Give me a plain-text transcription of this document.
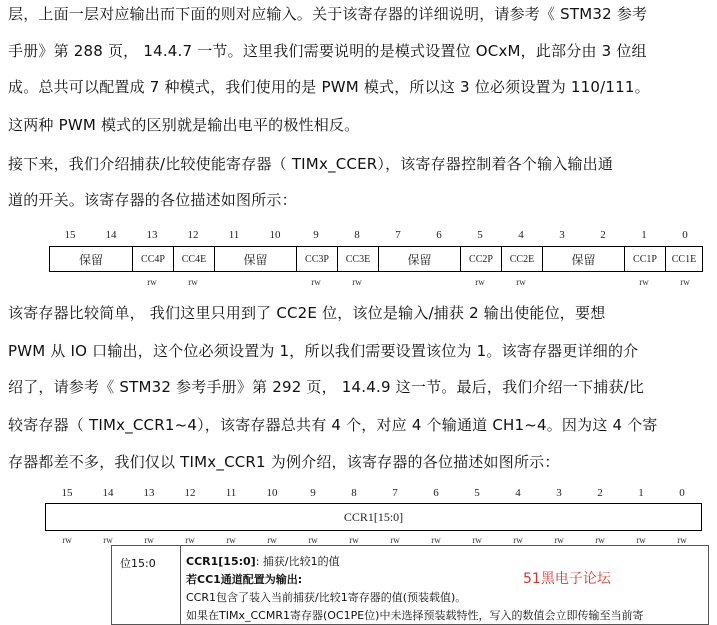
层，上面一层对应输出而下面的则对应输入。关于该寄存器的详细说明，请参考《 STM32 参考
手册》第 288 页， 14.4.7 一节。这里我们需要说明的是模式设置位 OCxM，此部分由 3 位组
成。总共可以配置成 7 种模式，我们使用的是 PWM 模式，所以这 3 位必须设置为 110/111。
这两种 PWM 模式的区别就是输出电平的极性相反。
接下来，我们介绍捕获/比较使能寄存器（ TIMx_CCER），该寄存器控制着各个输入输出通
道的开关。该寄存器的各位描述如图所示：
15	14	13	12	11	10	9	8	7	6	5	4	3	2	1	0
保留	CC4P	CC4E	保留	CC3P	CC3E	保留	CC2P	CC2E	保留	CC1P	CC1E
rw	rw	rw	rw	rw	rw	rw	rw
该寄存器比较简单， 我们这里只用到了 CC2E 位，该位是输入/捕获 2 输出使能位，要想
PWM 从 IO 口输出，这个位必须设置为 1，所以我们需要设置该位为 1。该寄存器更详细的介
绍了，请参考《 STM32 参考手册》第 292 页， 14.4.9 这一节。最后，我们介绍一下捕获/比
较寄存器（ TIMx_CCR1~4），该寄存器总共有 4 个，对应 4 个输通道 CH1~4。因为这 4 个寄
存器都差不多，我们仅以 TIMx_CCR1 为例介绍，该寄存器的各位描述如图所示：
15	14	13	12	11	10	9	8	7	6	5	4	3	2	1	0
CCR1[15:0]
rw	rw	rw	rw	rw	rw	rw	rw	rw	rw	rw	rw	rw	rw	rw	rw
位15:0	CCR1[15:0]: 捕获/比较1的值
若CC1通道配置为输出:
CCR1包含了装入当前捕获/比较1寄存器的值(预装载值)。
如果在TIMx_CCMR1寄存器(OC1PE位)中未选择预装载特性，写入的数值会立即传输至当前寄
51黑电子论坛
